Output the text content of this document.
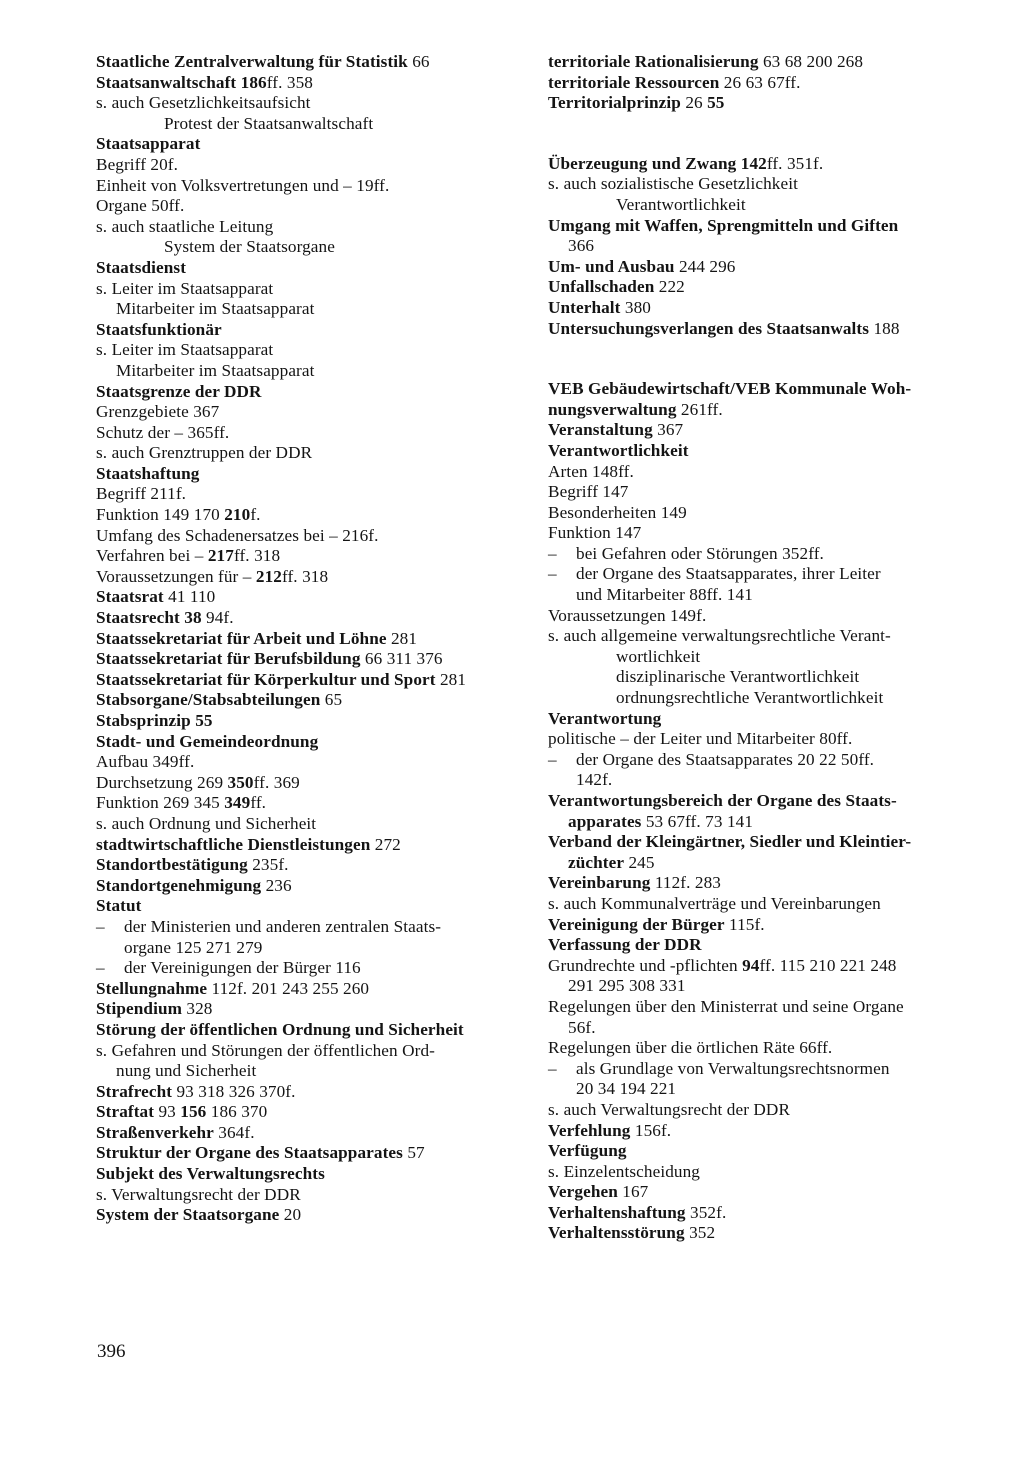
Staatliche Zentralverwaltung für Statistik 66
Staatsanwaltschaft 186ff. 358
s. auch Gesetzlichkeitsaufsicht
Protest der Staatsanwaltschaft
Staatsapparat
Begriff 20f.
Einheit von Volksvertretungen und – 19ff.
Organe 50ff.
s. auch staatliche Leitung
System der Staatsorgane
Staatsdienst
s. Leiter im Staatsapparat
Mitarbeiter im Staatsapparat
Staatsfunktionär
s. Leiter im Staatsapparat
Mitarbeiter im Staatsapparat
Staatsgrenze der DDR
Grenzgebiete 367
Schutz der – 365ff.
s. auch Grenztruppen der DDR
Staatshaftung
Begriff 211f.
Funktion 149 170 210f.
Umfang des Schadenersatzes bei – 216f.
Verfahren bei – 217ff. 318
Voraussetzungen für – 212ff. 318
Staatsrat 41 110
Staatsrecht 38 94f.
Staatssekretariat für Arbeit und Löhne 281
Staatssekretariat für Berufsbildung 66 311 376
Staatssekretariat für Körperkultur und Sport 281
Stabsorgane/Stabsabteilungen 65
Stabsprinzip 55
Stadt- und Gemeindeordnung
Aufbau 349ff.
Durchsetzung 269 350ff. 369
Funktion 269 345 349ff.
s. auch Ordnung und Sicherheit
stadtwirtschaftliche Dienstleistungen 272
Standortbestätigung 235f.
Standortgenehmigung 236
Statut
– der Ministerien und anderen zentralen Staats-
organe 125 271 279
– der Vereinigungen der Bürger 116
Stellungnahme 112f. 201 243 255 260
Stipendium 328
Störung der öffentlichen Ordnung und Sicherheit
s. Gefahren und Störungen der öffentlichen Ord-
nung und Sicherheit
Strafrecht 93 318 326 370f.
Straftat 93 156 186 370
Straßenverkehr 364f.
Struktur der Organe des Staatsapparates 57
Subjekt des Verwaltungsrechts
s. Verwaltungsrecht der DDR
System der Staatsorgane 20
territoriale Rationalisierung 63 68 200 268
territoriale Ressourcen 26 63 67ff.
Territorialprinzip 26 55
Überzeugung und Zwang 142ff. 351f.
s. auch sozialistische Gesetzlichkeit
Verantwortlichkeit
Umgang mit Waffen, Sprengmitteln und Giften
366
Um- und Ausbau 244 296
Unfallschaden 222
Unterhalt 380
Untersuchungsverlangen des Staatsanwalts 188
VEB Gebäudewirtschaft/VEB Kommunale Woh-
nungsverwaltung 261ff.
Veranstaltung 367
Verantwortlichkeit
Arten 148ff.
Begriff 147
Besonderheiten 149
Funktion 147
– bei Gefahren oder Störungen 352ff.
– der Organe des Staatsapparates, ihrer Leiter
und Mitarbeiter 88ff. 141
Voraussetzungen 149f.
s. auch allgemeine verwaltungsrechtliche Verant-
wortlichkeit
disziplinarische Verantwortlichkeit
ordnungsrechtliche Verantwortlichkeit
Verantwortung
politische – der Leiter und Mitarbeiter 80ff.
– der Organe des Staatsapparates 20 22 50ff.
142f.
Verantwortungsbereich der Organe des Staats-
apparates 53 67ff. 73 141
Verband der Kleingärtner, Siedler und Kleintier-
züchter 245
Vereinbarung 112f. 283
s. auch Kommunalverträge und Vereinbarungen
Vereinigung der Bürger 115f.
Verfassung der DDR
Grundrechte und -pflichten 94ff. 115 210 221 248
291 295 308 331
Regelungen über den Ministerrat und seine Organe
56f.
Regelungen über die örtlichen Räte 66ff.
– als Grundlage von Verwaltungsrechtsnormen
20 34 194 221
s. auch Verwaltungsrecht der DDR
Verfehlung 156f.
Verfügung
s. Einzelentscheidung
Vergehen 167
Verhaltenshaftung 352f.
Verhaltensstörung 352
396
